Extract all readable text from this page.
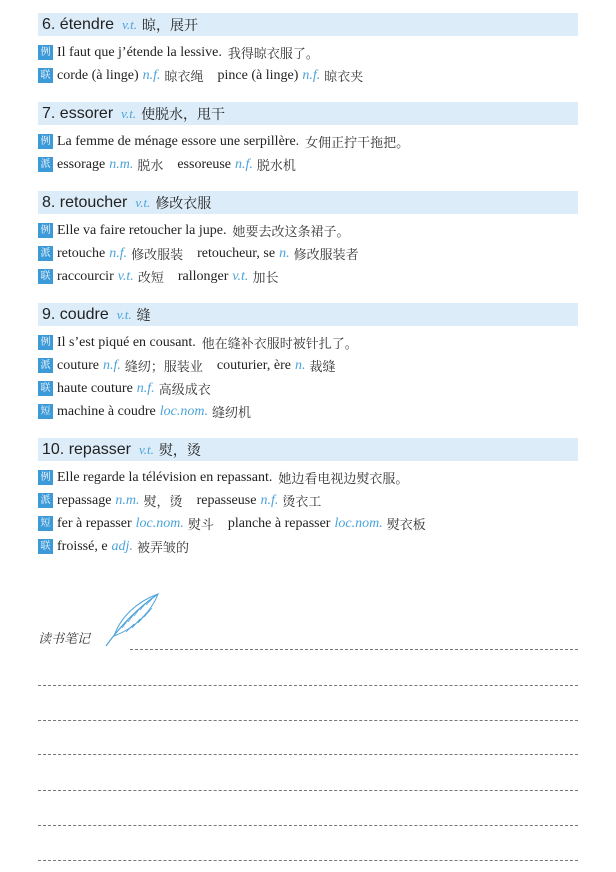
6. étendre v.t. 晾，展开
例 Il faut que j’étende la lessive. 我得晾衣服了。
联 corde (à linge) n.f. 晾衣绳 pince (à linge) n.f. 晾衣夹
7. essorer v.t. 使脱水，甩干
例 La femme de ménage essore une serpillère. 女佣正拧干拖把。
派 essorage n.m. 脱水 essoreuse n.f. 脱水机
8. retoucher v.t. 修改衣服
例 Elle va faire retoucher la jupe. 她要去改这条裙子。
派 retouche n.f. 修改服装 retoucheur, se n. 修改服装者
联 raccourcir v.t. 改短 rallonger v.t. 加长
9. coudre v.t. 缝
例 Il s’est piqué en cousant. 他在缝补衣服时被针扎了。
派 couture n.f. 缝纫；服装业 couturier, ère n. 裁缝
联 haute couture n.f. 高级成衣
短 machine à coudre loc.nom. 缝纫机
10. repasser v.t. 熨，烫
例 Elle regarde la télévision en repassant. 她边看电视边熨衣服。
派 repassage n.m. 熨，烫 repasseuse n.f. 烫衣工
短 fer à repasser loc.nom. 熨斗 planche à repasser loc.nom. 熨衣板
联 froissé, e adj. 被弄皱的
读书笔记
